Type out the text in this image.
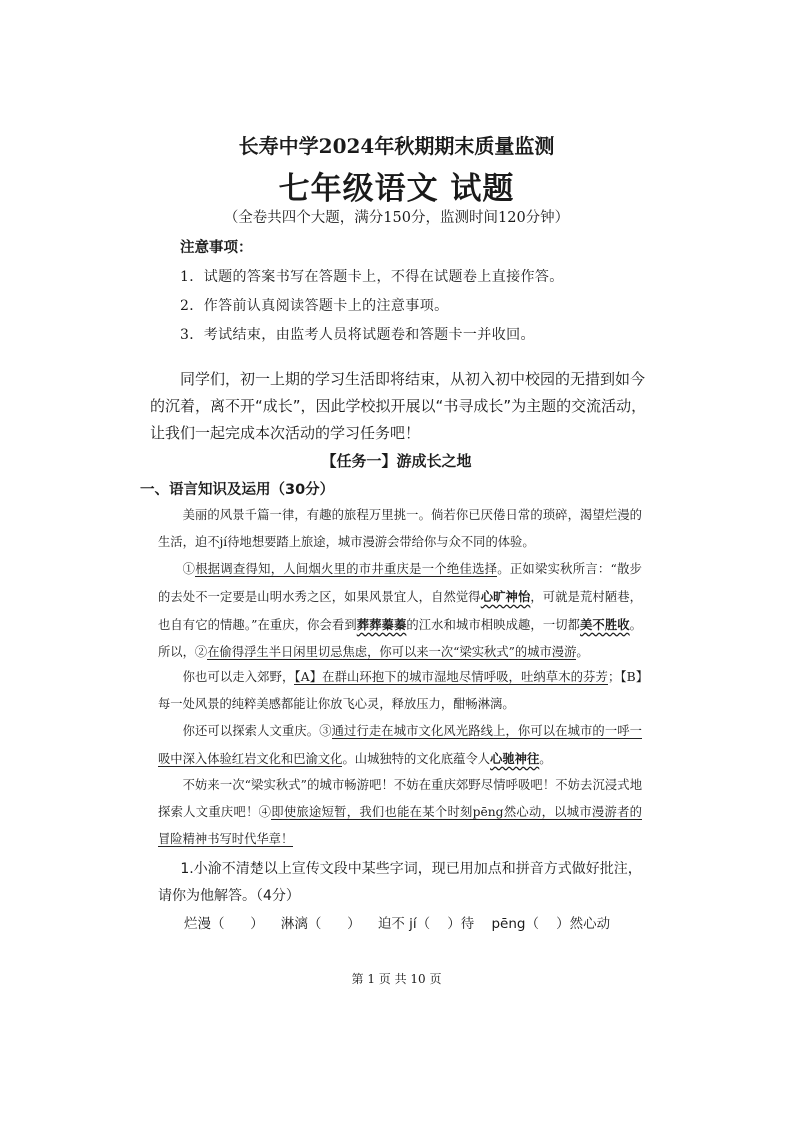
长寿中学2024年秋期期末质量监测
七年级语文 试题
（全卷共四个大题，满分150分，监测时间120分钟）
注意事项：
1．试题的答案书写在答题卡上，不得在试题卷上直接作答。
2．作答前认真阅读答题卡上的注意事项。
3．考试结束，由监考人员将试题卷和答题卡一并收回。

同学们，初一上期的学习生活即将结束，从初入初中校园的无措到如今的沉着，离不开“成长”，因此学校拟开展以“书寻成长”为主题的交流活动，让我们一起完成本次活动的学习任务吧！

【任务一】游成长之地
一、语言知识及运用（30分）

美丽的风景千篇一律，有趣的旅程万里挑一。倘若你已厌倦日常的琐碎，渴望烂漫的生活，迫不jí待地想要踏上旅途，城市漫游会带给你与众不同的体验。

①根据调查得知，人间烟火里的市井重庆是一个绝佳选择。正如梁实秋所言：“散步的去处不一定要是山明水秀之区，如果风景宜人，自然觉得心旷神怡，可就是荒村陋巷，也自有它的情趣。”在重庆，你会看到葬葬蓁蓁的江水和城市相映成趣，一切都美不胜收。所以，②在偷得浮生半日闲里切忌焦虑，你可以来一次“梁实秋式”的城市漫游。

你也可以走入郊野，【A】在群山环抱下的城市湿地尽情呼吸，吐纳草木的芬芳；【B】每一处风景的纯粹美感都能让你放飞心灵，释放压力，酣畅淋漓。

你还可以探索人文重庆。③通过行走在城市文化风光路线上，你可以在城市的一呼一吸中深入体验红岩文化和巴渝文化。山城独特的文化底蕴令人心驰神往。

不妨来一次“梁实秋式”的城市畅游吧！不妨在重庆郊野尽情呼吸吧！不妨去沉浸式地探索人文重庆吧！④即使旅途短暂，我们也能在某个时刻pēng然心动，以城市漫游者的冒险精神书写时代华章！

1.小渝不清楚以上宣传文段中某些字词，现已用加点和拼音方式做好批注，请你为他解答。（4分）

烂漫（      ）    淋漓（      ）    迫不 jí（    ）待    pēng（    ）然心动
第 1 页 共 10 页
